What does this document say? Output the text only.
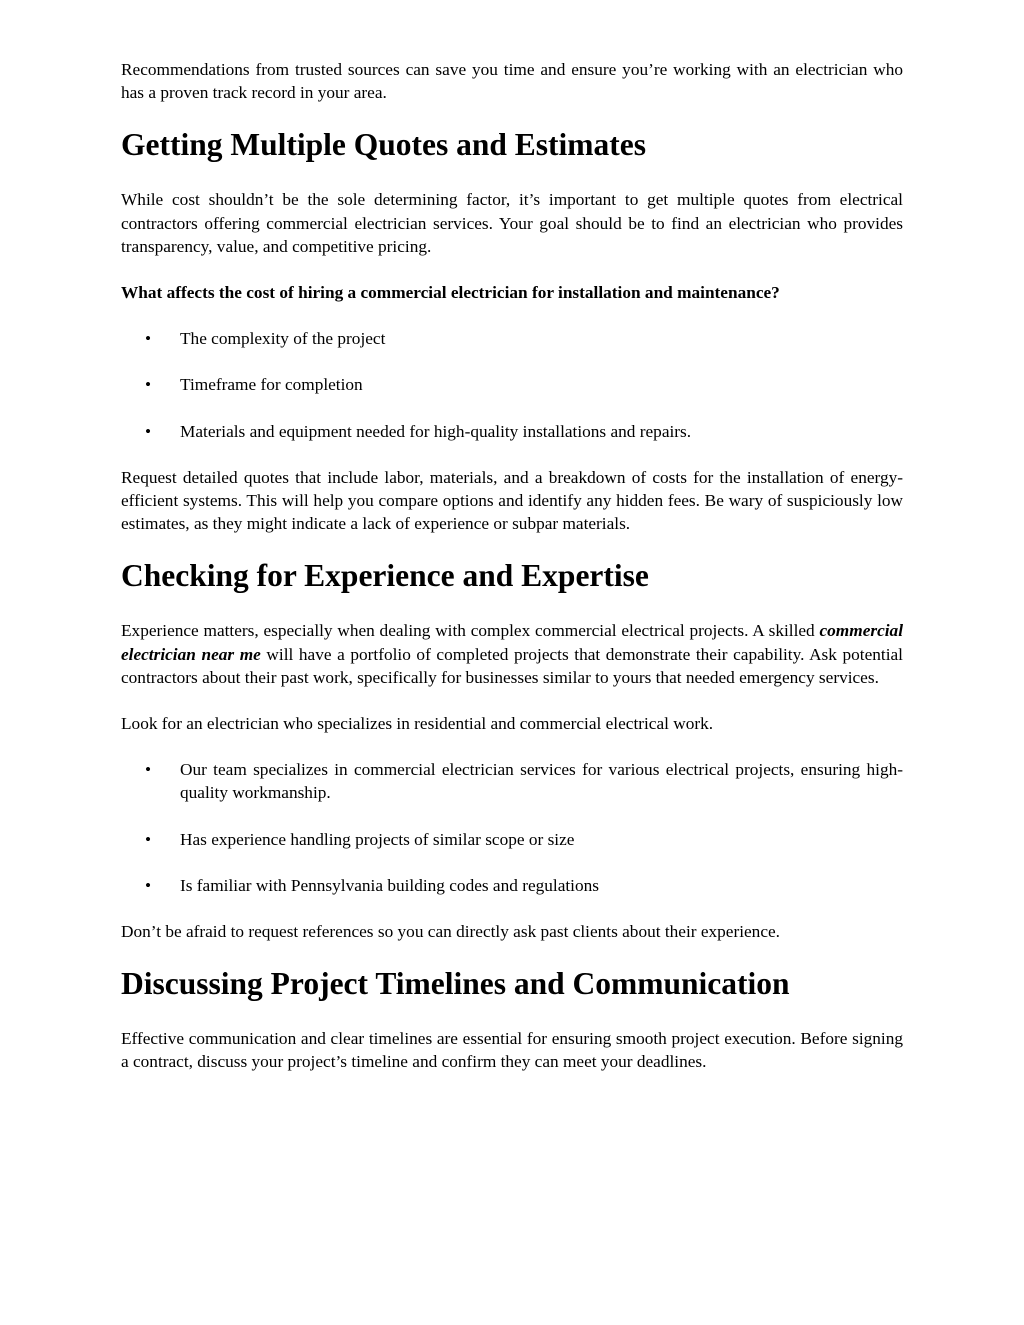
Recommendations from trusted sources can save you time and ensure you’re working with an electrician who has a proven track record in your area.

Getting Multiple Quotes and Estimates

While cost shouldn’t be the sole determining factor, it’s important to get multiple quotes from electrical contractors offering commercial electrician services. Your goal should be to find an electrician who provides transparency, value, and competitive pricing.

What affects the cost of hiring a commercial electrician for installation and maintenance?

• The complexity of the project
• Timeframe for completion
• Materials and equipment needed for high-quality installations and repairs.

Request detailed quotes that include labor, materials, and a breakdown of costs for the installation of energy-efficient systems. This will help you compare options and identify any hidden fees. Be wary of suspiciously low estimates, as they might indicate a lack of experience or subpar materials.

Checking for Experience and Expertise

Experience matters, especially when dealing with complex commercial electrical projects. A skilled commercial electrician near me will have a portfolio of completed projects that demonstrate their capability. Ask potential contractors about their past work, specifically for businesses similar to yours that needed emergency services.

Look for an electrician who specializes in residential and commercial electrical work.

• Our team specializes in commercial electrician services for various electrical projects, ensuring high-quality workmanship.
• Has experience handling projects of similar scope or size
• Is familiar with Pennsylvania building codes and regulations

Don’t be afraid to request references so you can directly ask past clients about their experience.

Discussing Project Timelines and Communication

Effective communication and clear timelines are essential for ensuring smooth project execution. Before signing a contract, discuss your project’s timeline and confirm they can meet your deadlines.
